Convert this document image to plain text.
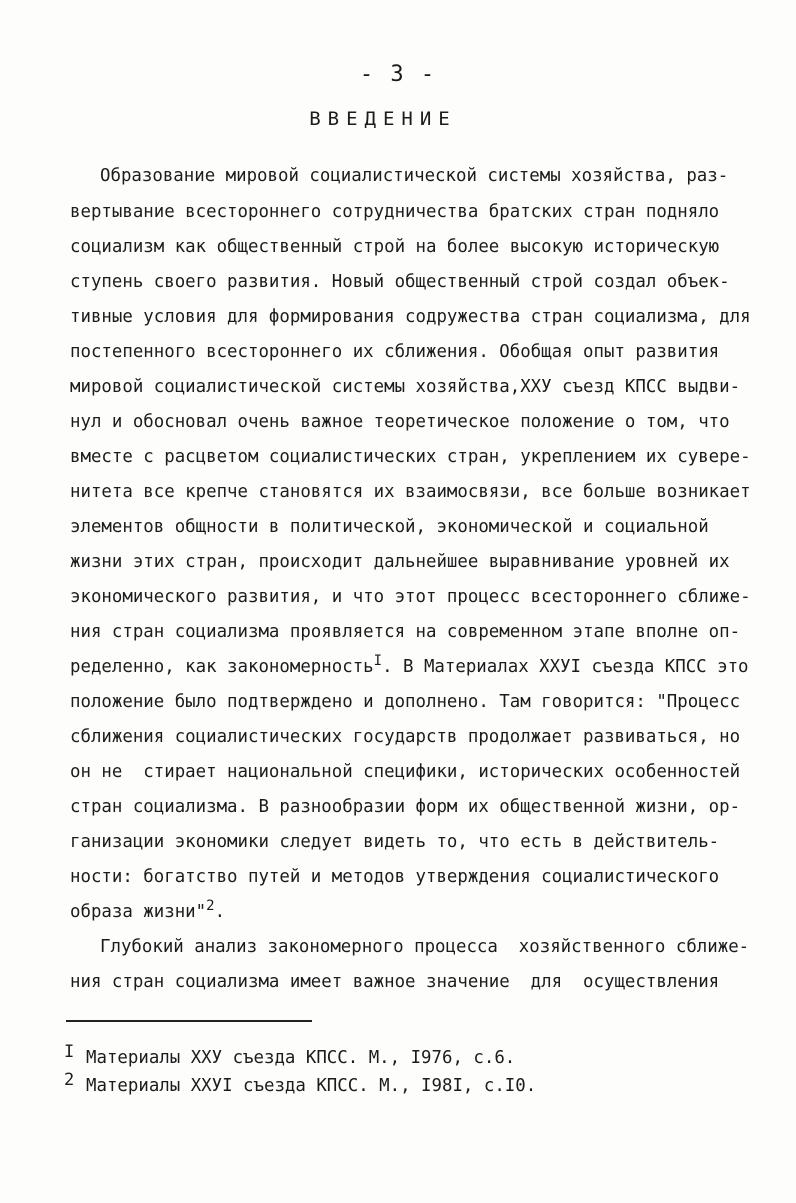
- 3 -
ВВЕДЕНИЕ
Образование мировой социалистической системы хозяйства, раз-
вертывание всестороннего сотрудничества братских стран подняло
социализм как общественный строй на более высокую историческую
ступень своего развития. Новый общественный строй создал объек-
тивные условия для формирования содружества стран социализма, для
постепенного всестороннего их сближения. Обобщая опыт развития
мировой социалистической системы хозяйства,ХХУ съезд КПСС выдви-
нул и обосновал очень важное теоретическое положение о том, что
вместе с расцветом социалистических стран, укреплением их сувере-
нитета все крепче становятся их взаимосвязи, все больше возникает
элементов общности в политической, экономической и социальной
жизни этих стран, происходит дальнейшее выравнивание уровней их
экономического развития, и что этот процесс всестороннего сближе-
ния стран социализма проявляется на современном этапе вполне оп-
ределенно, как закономерность$^I$. В Материалах ХХУI съезда КПСС это
положение было подтверждено и дополнено. Там говорится: "Процесс
сближения социалистических государств продолжает развиваться, но
он не  стирает национальной специфики, исторических особенностей
стран социализма. В разнообразии форм их общественной жизни, ор-
ганизации экономики следует видеть то, что есть в действитель-
ности: богатство путей и методов утверждения социалистического
образа жизни"$^2$.
Глубокий анализ закономерного процесса  хозяйственного сближе-
ния стран социализма имеет важное значение  для  осуществления
I Материалы ХХУ съезда КПСС. М., I976, с.6.
2 Материалы ХХУI съезда КПСС. М., I98I, с.I0.
